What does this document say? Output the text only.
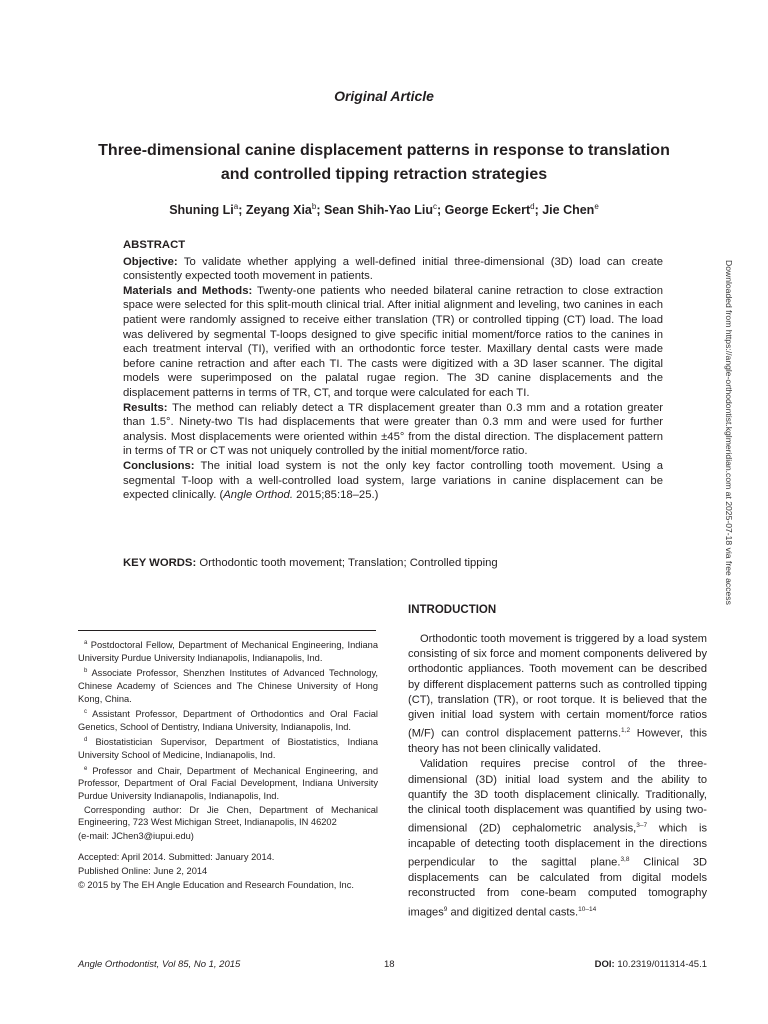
Original Article
Three-dimensional canine displacement patterns in response to translation
and controlled tipping retraction strategies
Shuning Li$^a$; Zeyang Xia$^b$; Sean Shih-Yao Liu$^c$; George Eckert$^d$; Jie Chen$^e$
ABSTRACT

Objective: To validate whether applying a well-defined initial three-dimensional (3D) load can create consistently expected tooth movement in patients.

Materials and Methods: Twenty-one patients who needed bilateral canine retraction to close extraction space were selected for this split-mouth clinical trial. After initial alignment and leveling, two canines in each patient were randomly assigned to receive either translation (TR) or controlled tipping (CT) load. The load was delivered by segmental T-loops designed to give specific initial moment/force ratios to the canines in each treatment interval (TI), verified with an orthodontic force tester. Maxillary dental casts were made before canine retraction and after each TI. The casts were digitized with a 3D laser scanner. The digital models were superimposed on the palatal rugae region. The 3D canine displacements and the displacement patterns in terms of TR, CT, and torque were calculated for each TI.

Results: The method can reliably detect a TR displacement greater than 0.3 mm and a rotation greater than 1.5°. Ninety-two TIs had displacements that were greater than 0.3 mm and were used for further analysis. Most displacements were oriented within ±45° from the distal direction. The displacement pattern in terms of TR or CT was not uniquely controlled by the initial moment/force ratio.

Conclusions: The initial load system is not the only key factor controlling tooth movement. Using a segmental T-loop with a well-controlled load system, large variations in canine displacement can be expected clinically. (Angle Orthod. 2015;85:18–25.)

KEY WORDS: Orthodontic tooth movement; Translation; Controlled tipping

$^a$ Postdoctoral Fellow, Department of Mechanical Engineering, Indiana University Purdue University Indianapolis, Indianapolis, Ind.

$^b$ Associate Professor, Shenzhen Institutes of Advanced Technology, Chinese Academy of Sciences and The Chinese University of Hong Kong, China.

$^c$ Assistant Professor, Department of Orthodontics and Oral Facial Genetics, School of Dentistry, Indiana University, Indianapolis, Ind.

$^d$ Biostatistician Supervisor, Department of Biostatistics, Indiana University School of Medicine, Indianapolis, Ind.

$^e$ Professor and Chair, Department of Mechanical Engineering, and Professor, Department of Oral Facial Development, Indiana University Purdue University Indianapolis, Indianapolis, Ind.

Corresponding author: Dr Jie Chen, Department of Mechanical Engineering, 723 West Michigan Street, Indianapolis, IN 46202

(e-mail: JChen3@iupui.edu)

Accepted: April 2014. Submitted: January 2014.

Published Online: June 2, 2014

© 2015 by The EH Angle Education and Research Foundation, Inc.

INTRODUCTION

Orthodontic tooth movement is triggered by a load system consisting of six force and moment components delivered by orthodontic appliances. Tooth movement can be described by different displacement patterns such as controlled tipping (CT), translation (TR), or root torque. It is believed that the given initial load system with certain moment/force ratios (M/F) can control displacement patterns.$^{1,2}$ However, this theory has not been clinically validated.

Validation requires precise control of the three-dimensional (3D) initial load system and the ability to quantify the 3D tooth displacement clinically. Traditionally, the clinical tooth displacement was quantified by using two-dimensional (2D) cephalometric analysis,$^{3-7}$ which is incapable of detecting tooth displacement in the directions perpendicular to the sagittal plane.$^{3,8}$ Clinical 3D displacements can be calculated from digital models reconstructed from cone-beam computed tomography images$^9$ and digitized dental casts.$^{10-14}$

Downloaded from https://angle-orthodontist.kglmeridian.com at 2025-07-18 via free access
Angle Orthodontist, Vol 85, No 1, 2015	18	DOI: 10.2319/011314-45.1
